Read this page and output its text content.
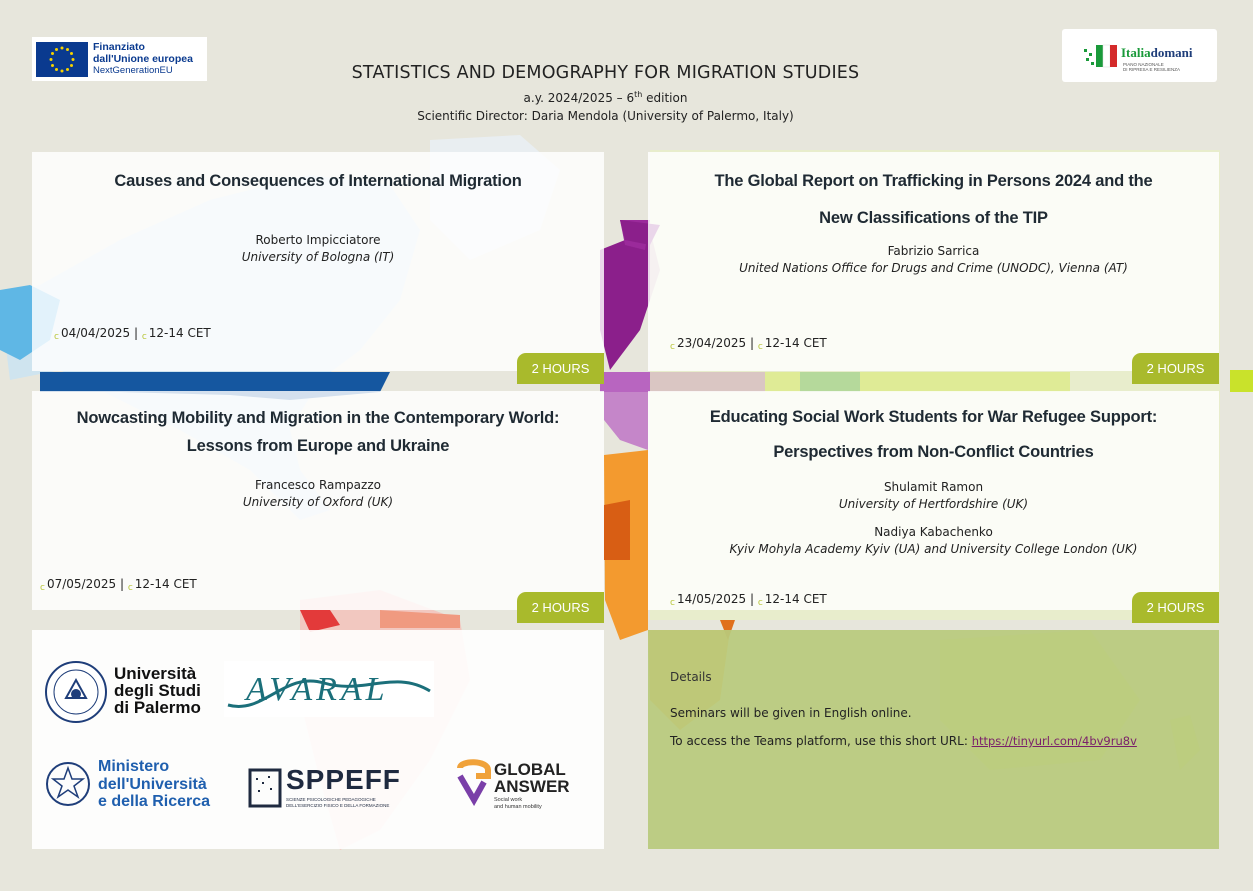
Finanziato
dall'Unione europea
NextGenerationEU
Italiadomani
PIANO NAZIONALE
DI RIPRESA E RESILIENZA
STATISTICS AND DEMOGRAPHY FOR MIGRATION STUDIES
a.y. 2024/2025 – 6th edition
Scientific Director: Daria Mendola (University of Palermo, Italy)
Causes and Consequences of International Migration
Roberto Impicciatore
University of Bologna (IT)
c 04/04/2025 | c 12-14 CET
2 HOURS
The Global Report on Trafficking in Persons 2024 and the
New Classifications of the TIP
Fabrizio Sarrica
United Nations Office for Drugs and Crime (UNODC), Vienna (AT)
c 23/04/2025 | c 12-14 CET
2 HOURS
Nowcasting Mobility and Migration in the Contemporary World:
Lessons from Europe and Ukraine
Francesco Rampazzo
University of Oxford (UK)
c 07/05/2025 | c 12-14 CET
2 HOURS
Educating Social Work Students for War Refugee Support:
Perspectives from Non-Conflict Countries
Shulamit Ramon
University of Hertfordshire (UK)
Nadiya Kabachenko
Kyiv Mohyla Academy Kyiv (UA) and University College London (UK)
c 14/05/2025 | c 12-14 CET
2 HOURS
Università
degli Studi
di Palermo AVARAL
Ministero
dell'Università
e della Ricerca
SPPEFF
SCIENZE PSICOLOGICHE PEDAGOGICHE
DELL'ESERCIZIO FISICO E DELLA FORMAZIONE
GLOBAL
ANSWER
Social work
and human mobility
Details
Seminars will be given in English online.
To access the Teams platform, use this short URL: https://tinyurl.com/4bv9ru8v
